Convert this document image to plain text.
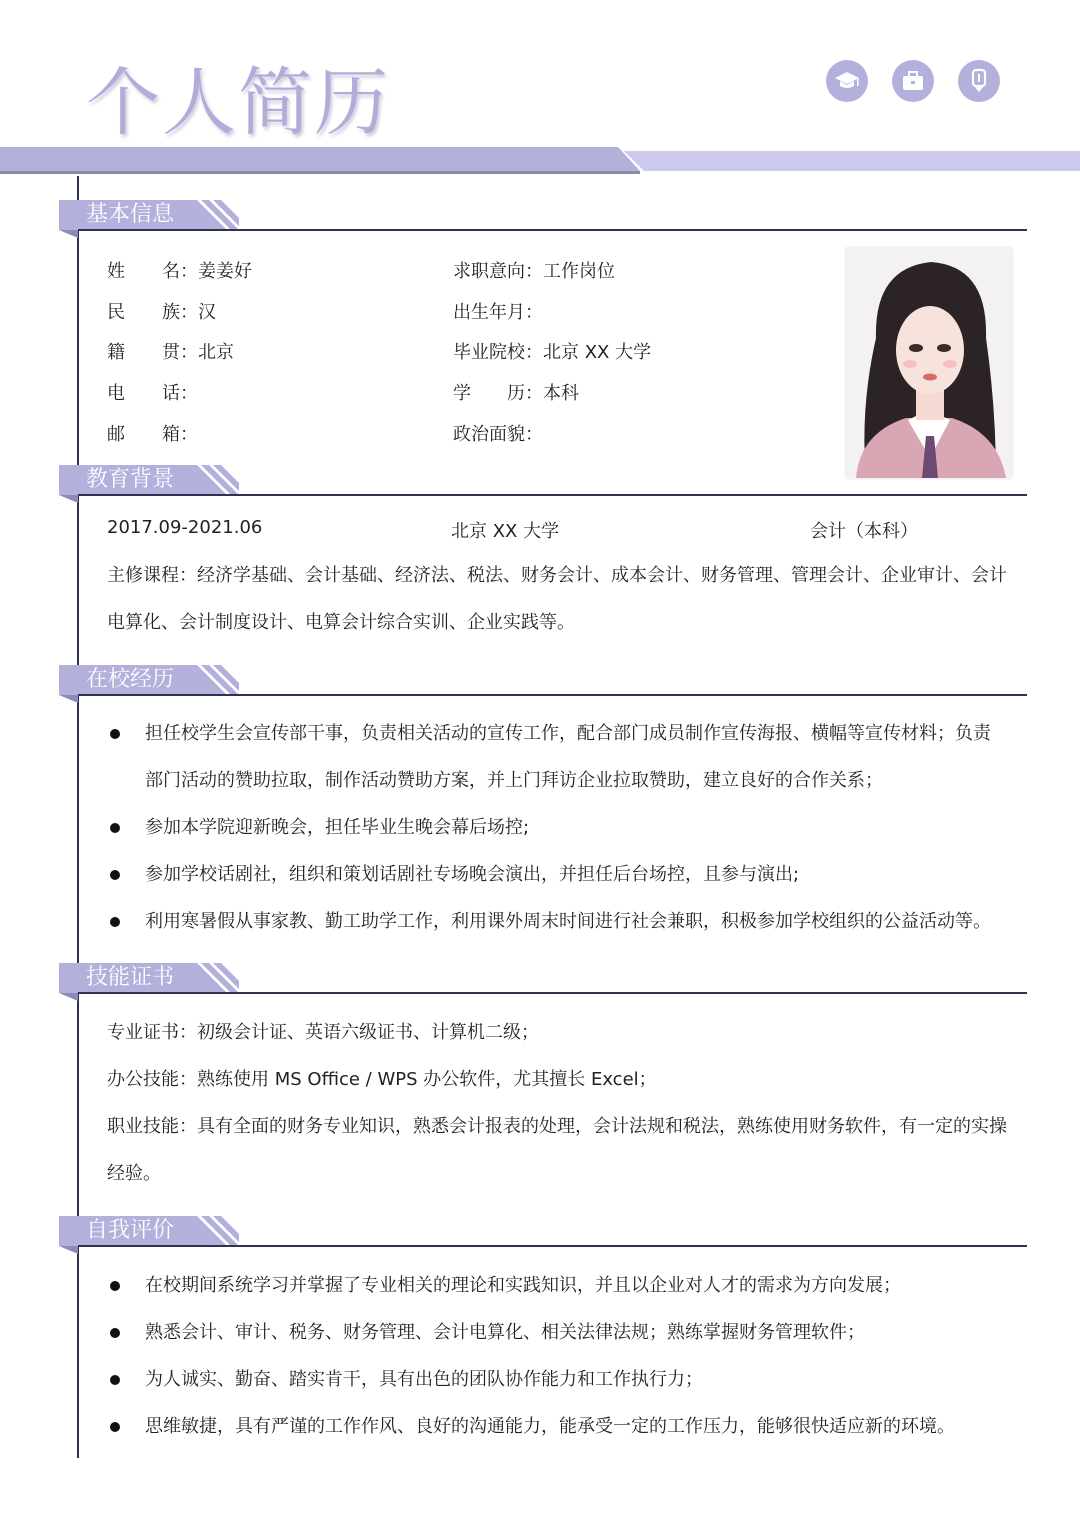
个人简历
基本信息
姓 名 ：姜姜好
民 族 ：汉
籍 贯 ：北京
电 话 ：
邮 箱 ：
求职意向：工作岗位
出生年月：
毕业院校：北京 XX 大学
学 历 ：本科
政治面貌：
教育背景
2017.09-2021.06	北京 XX 大学	会计（本科）
主修课程：经济学基础、会计基础、经济法、税法、财务会计、成本会计、财务管理、管理会计、企业审计、会计电算化、会计制度设计、电算会计综合实训、企业实践等。
在校经历
担任校学生会宣传部干事，负责相关活动的宣传工作，配合部门成员制作宣传海报、横幅等宣传材料；负责部门活动的赞助拉取，制作活动赞助方案，并上门拜访企业拉取赞助，建立良好的合作关系；
参加本学院迎新晚会，担任毕业生晚会幕后场控;
参加学校话剧社，组织和策划话剧社专场晚会演出，并担任后台场控，且参与演出;
利用寒暑假从事家教、勤工助学工作，利用课外周末时间进行社会兼职，积极参加学校组织的公益活动等。
技能证书
专业证书：初级会计证、英语六级证书、计算机二级；
办公技能：熟练使用 MS Office / WPS 办公软件，尤其擅长 Excel；
职业技能：具有全面的财务专业知识，熟悉会计报表的处理，会计法规和税法，熟练使用财务软件，有一定的实操经验。
自我评价
在校期间系统学习并掌握了专业相关的理论和实践知识，并且以企业对人才的需求为方向发展；
熟悉会计、审计、税务、财务管理、会计电算化、相关法律法规；熟练掌握财务管理软件；
为人诚实、勤奋、踏实肯干，具有出色的团队协作能力和工作执行力；
思维敏捷，具有严谨的工作作风、良好的沟通能力，能承受一定的工作压力，能够很快适应新的环境。
